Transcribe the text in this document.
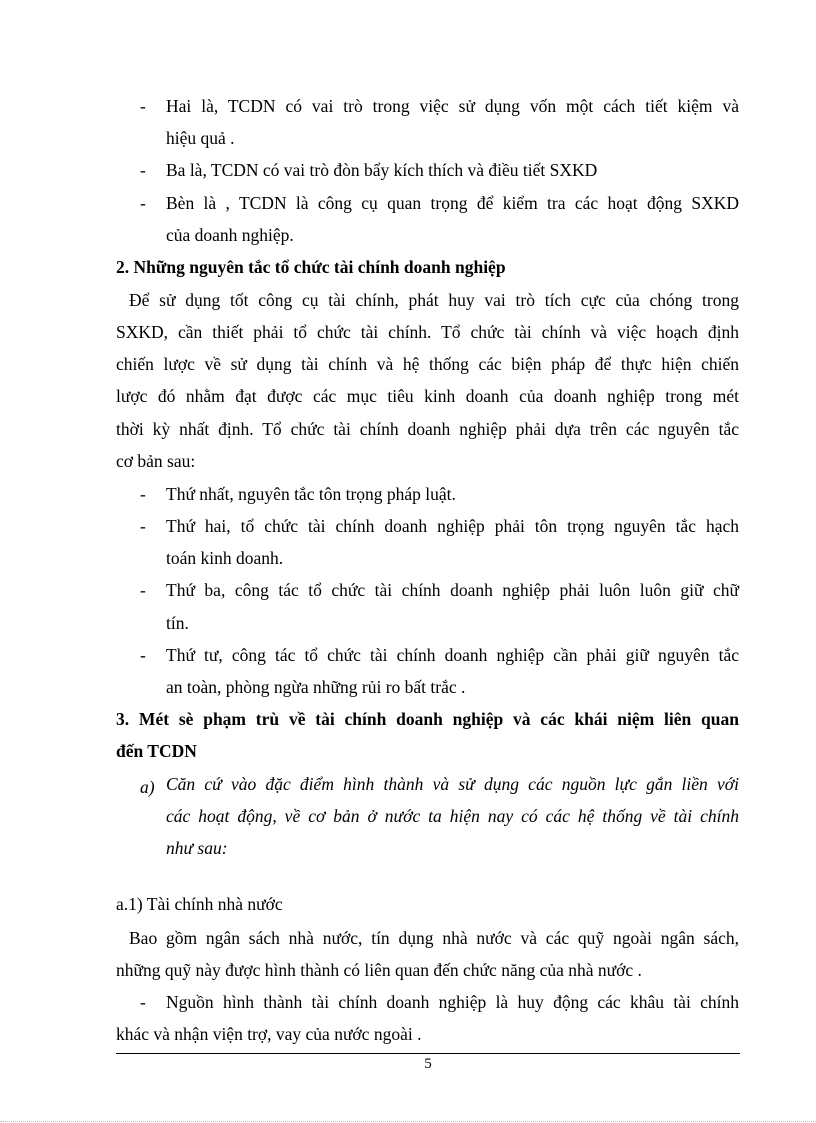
- Hai là, TCDN có vai trò trong việc sử dụng vốn một cách tiết kiệm và
hiệu quả .
- Ba là, TCDN có vai trò đòn bẩy kích thích và điều tiết SXKD
- Bèn là , TCDN là công cụ quan trọng để kiểm tra các hoạt động SXKD
của doanh nghiệp.
2. Những nguyên tắc tổ chức tài chính doanh nghiệp
Để sử dụng tốt công cụ tài chính, phát huy vai trò tích cực của chóng trong
SXKD, cần thiết phải tổ chức tài chính. Tổ chức tài chính và việc hoạch định
chiến lược về sử dụng tài chính và hệ thống các biện pháp để thực hiện chiến
lược đó nhằm đạt được các mục tiêu kinh doanh của doanh nghiệp trong mét
thời kỳ nhất định. Tổ chức tài chính doanh nghiệp phải dựa trên các nguyên tắc
cơ bản sau:
- Thứ nhất, nguyên tắc tôn trọng pháp luật.
- Thứ hai, tổ chức tài chính doanh nghiệp phải tôn trọng nguyên tắc hạch
toán kinh doanh.
- Thứ ba, công tác tổ chức tài chính doanh nghiệp phải luôn luôn giữ chữ
tín.
- Thứ tư, công tác tổ chức tài chính doanh nghiệp cần phải giữ nguyên tắc
an toàn, phòng ngừa những rủi ro bất trắc .
3. Mét sè phạm trù về tài chính doanh nghiệp và các khái niệm liên quan
đến TCDN
a) Căn cứ vào đặc điểm hình thành và sử dụng các nguồn lực gắn liền với
các hoạt động, về cơ bản ở nước ta hiện nay có các hệ thống về tài chính
như sau:
a.1) Tài chính nhà nước
Bao gồm ngân sách nhà nước, tín dụng nhà nước và các quỹ ngoài ngân sách,
những quỹ này được hình thành có liên quan đến chức năng của nhà nước .
- Nguồn hình thành tài chính doanh nghiệp là huy động các khâu tài chính
khác và nhận viện trợ, vay của nước ngoài .
5
